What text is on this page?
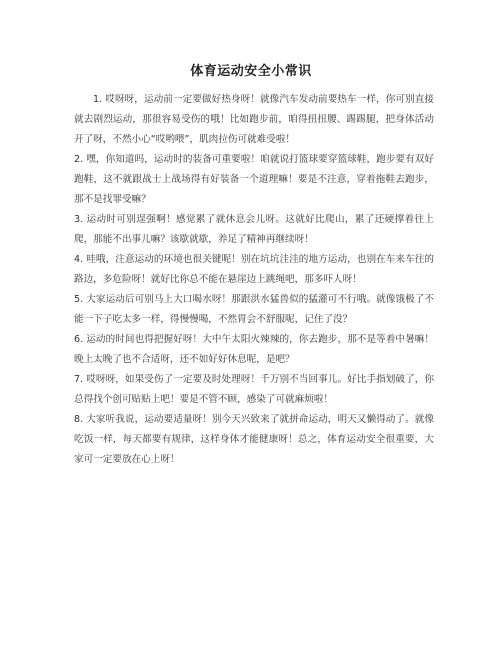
体育运动安全小常识

1. 哎呀呀，运动前一定要做好热身呀！就像汽车发动前要热车一样，你可别直接就去剧烈运动，那很容易受伤的哦！比如跑步前，咱得扭扭腰、踢踢腿，把身体活动开了呀，不然小心“哎哟喂”，肌肉拉伤可就难受啦！

2. 嘿，你知道吗，运动时的装备可重要啦！咱就说打篮球要穿篮球鞋，跑步要有双好跑鞋，这不就跟战士上战场得有好装备一个道理嘛！要是不注意，穿着拖鞋去跑步，那不是找罪受嘛？

3. 运动时可别逞强啊！感觉累了就休息会儿呀。这就好比爬山，累了还硬撑着往上爬，那能不出事儿嘛？该歇就歇，养足了精神再继续呀！

4. 哇哦，注意运动的环境也很关键呢！别在坑坑洼洼的地方运动，也别在车来车往的路边，多危险呀！就好比你总不能在悬崖边上跳绳吧，那多吓人呀！

5. 大家运动后可别马上大口喝水呀！那跟洪水猛兽似的猛灌可不行哦。就像饿极了不能一下子吃太多一样，得慢慢喝，不然胃会不舒服呢，记住了没？

6. 运动的时间也得把握好呀！大中午太阳火辣辣的，你去跑步，那不是等着中暑嘛！晚上太晚了也不合适呀，还不如好好休息呢，是吧？

7. 哎呀呀，如果受伤了一定要及时处理呀！千万别不当回事儿。好比手指划破了，你总得找个创可贴贴上吧！要是不管不顾，感染了可就麻烦啦！

8. 大家听我说，运动要适量呀！别今天兴致来了就拼命运动，明天又懒得动了。就像吃饭一样，每天都要有规律，这样身体才能健康呀！总之，体育运动安全很重要，大家可一定要放在心上呀！
